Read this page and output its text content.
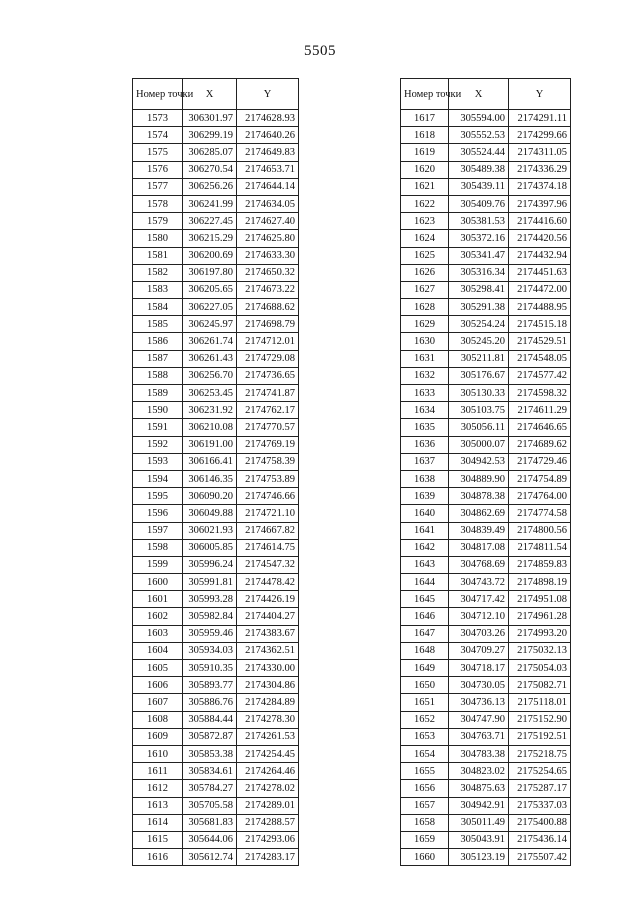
5505
Номер точки	X	Y
1573	306301.97	2174628.93
1574	306299.19	2174640.26
1575	306285.07	2174649.83
1576	306270.54	2174653.71
1577	306256.26	2174644.14
1578	306241.99	2174634.05
1579	306227.45	2174627.40
1580	306215.29	2174625.80
1581	306200.69	2174633.30
1582	306197.80	2174650.32
1583	306205.65	2174673.22
1584	306227.05	2174688.62
1585	306245.97	2174698.79
1586	306261.74	2174712.01
1587	306261.43	2174729.08
1588	306256.70	2174736.65
1589	306253.45	2174741.87
1590	306231.92	2174762.17
1591	306210.08	2174770.57
1592	306191.00	2174769.19
1593	306166.41	2174758.39
1594	306146.35	2174753.89
1595	306090.20	2174746.66
1596	306049.88	2174721.10
1597	306021.93	2174667.82
1598	306005.85	2174614.75
1599	305996.24	2174547.32
1600	305991.81	2174478.42
1601	305993.28	2174426.19
1602	305982.84	2174404.27
1603	305959.46	2174383.67
1604	305934.03	2174362.51
1605	305910.35	2174330.00
1606	305893.77	2174304.86
1607	305886.76	2174284.89
1608	305884.44	2174278.30
1609	305872.87	2174261.53
1610	305853.38	2174254.45
1611	305834.61	2174264.46
1612	305784.27	2174278.02
1613	305705.58	2174289.01
1614	305681.83	2174288.57
1615	305644.06	2174293.06
1616	305612.74	2174283.17
Номер точки	X	Y
1617	305594.00	2174291.11
1618	305552.53	2174299.66
1619	305524.44	2174311.05
1620	305489.38	2174336.29
1621	305439.11	2174374.18
1622	305409.76	2174397.96
1623	305381.53	2174416.60
1624	305372.16	2174420.56
1625	305341.47	2174432.94
1626	305316.34	2174451.63
1627	305298.41	2174472.00
1628	305291.38	2174488.95
1629	305254.24	2174515.18
1630	305245.20	2174529.51
1631	305211.81	2174548.05
1632	305176.67	2174577.42
1633	305130.33	2174598.32
1634	305103.75	2174611.29
1635	305056.11	2174646.65
1636	305000.07	2174689.62
1637	304942.53	2174729.46
1638	304889.90	2174754.89
1639	304878.38	2174764.00
1640	304862.69	2174774.58
1641	304839.49	2174800.56
1642	304817.08	2174811.54
1643	304768.69	2174859.83
1644	304743.72	2174898.19
1645	304717.42	2174951.08
1646	304712.10	2174961.28
1647	304703.26	2174993.20
1648	304709.27	2175032.13
1649	304718.17	2175054.03
1650	304730.05	2175082.71
1651	304736.13	2175118.01
1652	304747.90	2175152.90
1653	304763.71	2175192.51
1654	304783.38	2175218.75
1655	304823.02	2175254.65
1656	304875.63	2175287.17
1657	304942.91	2175337.03
1658	305011.49	2175400.88
1659	305043.91	2175436.14
1660	305123.19	2175507.42
